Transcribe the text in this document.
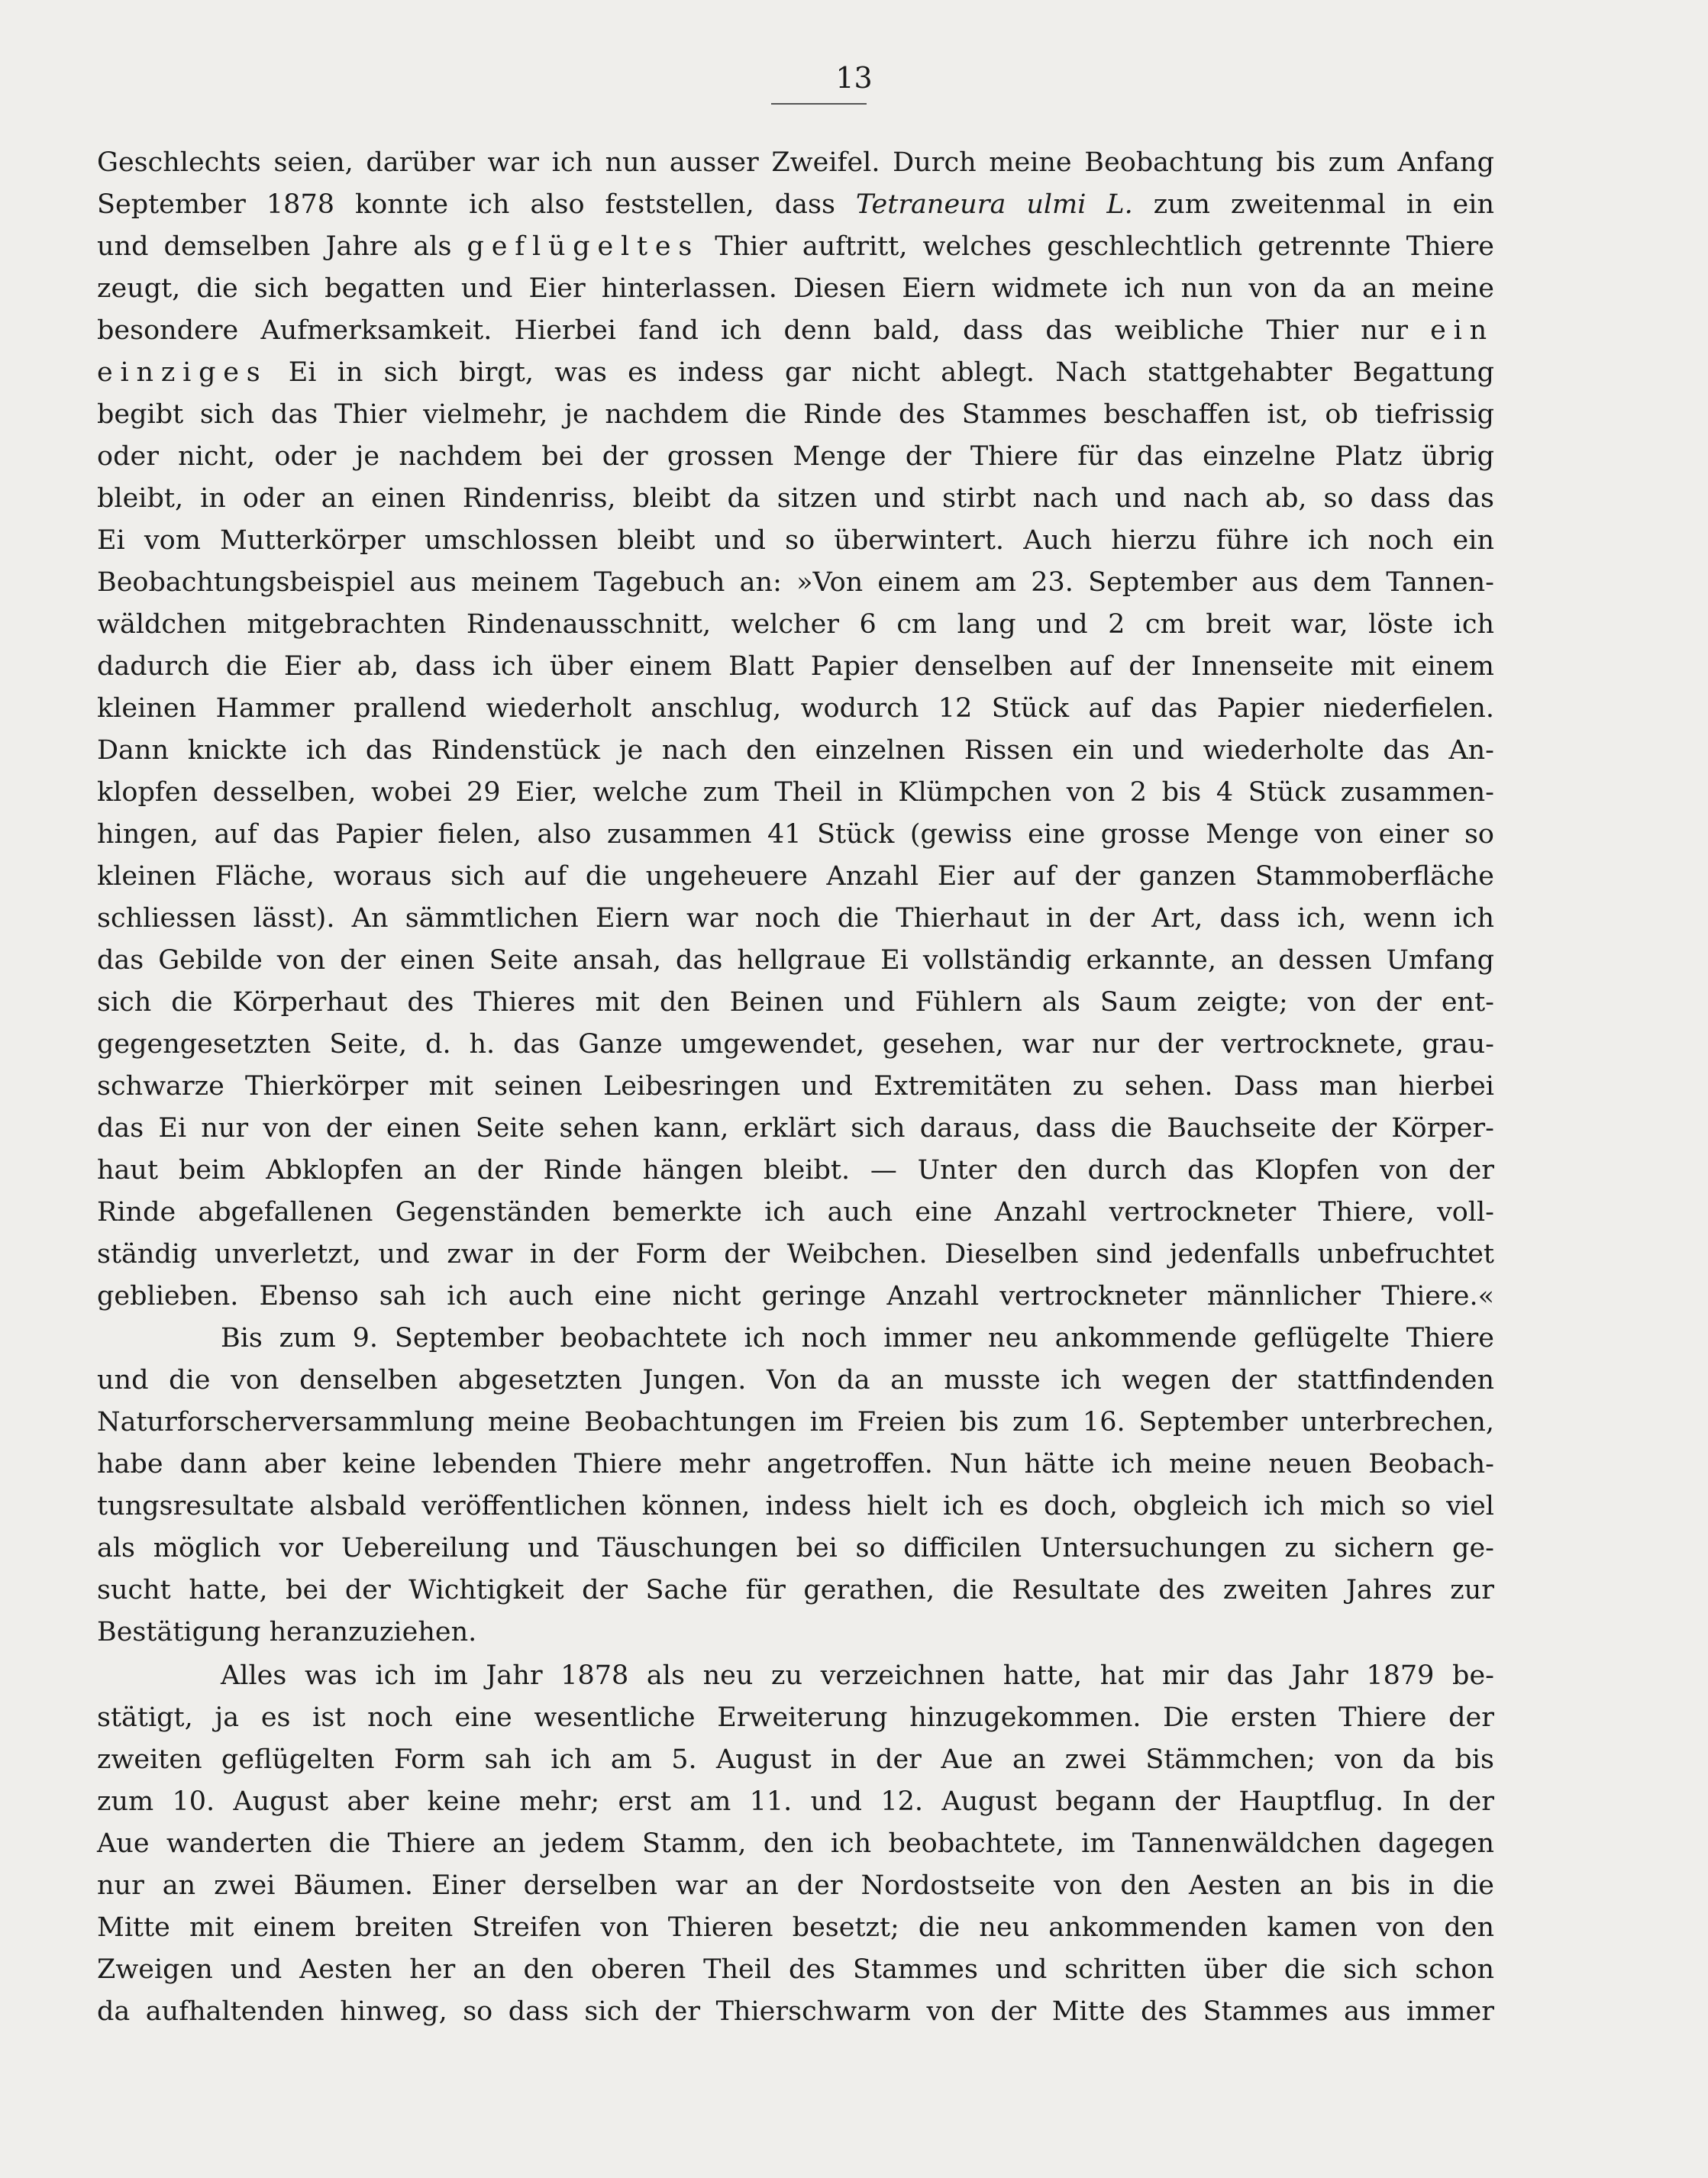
13
Geschlechts seien, darüber war ich nun ausser Zweifel. Durch meine Beobachtung bis zum Anfang
September 1878 konnte ich also feststellen, dass Tetraneura ulmi L. zum zweitenmal in ein
und demselben Jahre als geflügeltes Thier auftritt, welches geschlechtlich getrennte Thiere
zeugt, die sich begatten und Eier hinterlassen. Diesen Eiern widmete ich nun von da an meine
besondere Aufmerksamkeit. Hierbei fand ich denn bald, dass das weibliche Thier nur ein
einziges Ei in sich birgt, was es indess gar nicht ablegt. Nach stattgehabter Begattung
begibt sich das Thier vielmehr, je nachdem die Rinde des Stammes beschaffen ist, ob tiefrissig
oder nicht, oder je nachdem bei der grossen Menge der Thiere für das einzelne Platz übrig
bleibt, in oder an einen Rindenriss, bleibt da sitzen und stirbt nach und nach ab, so dass das
Ei vom Mutterkörper umschlossen bleibt und so überwintert. Auch hierzu führe ich noch ein
Beobachtungsbeispiel aus meinem Tagebuch an: »Von einem am 23. September aus dem Tannen-
wäldchen mitgebrachten Rindenausschnitt, welcher 6 cm lang und 2 cm breit war, löste ich
dadurch die Eier ab, dass ich über einem Blatt Papier denselben auf der Innenseite mit einem
kleinen Hammer prallend wiederholt anschlug, wodurch 12 Stück auf das Papier niederfielen.
Dann knickte ich das Rindenstück je nach den einzelnen Rissen ein und wiederholte das An-
klopfen desselben, wobei 29 Eier, welche zum Theil in Klümpchen von 2 bis 4 Stück zusammen-
hingen, auf das Papier fielen, also zusammen 41 Stück (gewiss eine grosse Menge von einer so
kleinen Fläche, woraus sich auf die ungeheuere Anzahl Eier auf der ganzen Stammoberfläche
schliessen lässt). An sämmtlichen Eiern war noch die Thierhaut in der Art, dass ich, wenn ich
das Gebilde von der einen Seite ansah, das hellgraue Ei vollständig erkannte, an dessen Umfang
sich die Körperhaut des Thieres mit den Beinen und Fühlern als Saum zeigte; von der ent-
gegengesetzten Seite, d. h. das Ganze umgewendet, gesehen, war nur der vertrocknete, grau-
schwarze Thierkörper mit seinen Leibesringen und Extremitäten zu sehen. Dass man hierbei
das Ei nur von der einen Seite sehen kann, erklärt sich daraus, dass die Bauchseite der Körper-
haut beim Abklopfen an der Rinde hängen bleibt. — Unter den durch das Klopfen von der
Rinde abgefallenen Gegenständen bemerkte ich auch eine Anzahl vertrockneter Thiere, voll-
ständig unverletzt, und zwar in der Form der Weibchen. Dieselben sind jedenfalls unbefruchtet
geblieben. Ebenso sah ich auch eine nicht geringe Anzahl vertrockneter männlicher Thiere.«
Bis zum 9. September beobachtete ich noch immer neu ankommende geflügelte Thiere
und die von denselben abgesetzten Jungen. Von da an musste ich wegen der stattfindenden
Naturforscherversammlung meine Beobachtungen im Freien bis zum 16. September unterbrechen,
habe dann aber keine lebenden Thiere mehr angetroffen. Nun hätte ich meine neuen Beobach-
tungsresultate alsbald veröffentlichen können, indess hielt ich es doch, obgleich ich mich so viel
als möglich vor Uebereilung und Täuschungen bei so difficilen Untersuchungen zu sichern ge-
sucht hatte, bei der Wichtigkeit der Sache für gerathen, die Resultate des zweiten Jahres zur
Bestätigung heranzuziehen.
Alles was ich im Jahr 1878 als neu zu verzeichnen hatte, hat mir das Jahr 1879 be-
stätigt, ja es ist noch eine wesentliche Erweiterung hinzugekommen. Die ersten Thiere der
zweiten geflügelten Form sah ich am 5. August in der Aue an zwei Stämmchen; von da bis
zum 10. August aber keine mehr; erst am 11. und 12. August begann der Hauptflug. In der
Aue wanderten die Thiere an jedem Stamm, den ich beobachtete, im Tannenwäldchen dagegen
nur an zwei Bäumen. Einer derselben war an der Nordostseite von den Aesten an bis in die
Mitte mit einem breiten Streifen von Thieren besetzt; die neu ankommenden kamen von den
Zweigen und Aesten her an den oberen Theil des Stammes und schritten über die sich schon
da aufhaltenden hinweg, so dass sich der Thierschwarm von der Mitte des Stammes aus immer
